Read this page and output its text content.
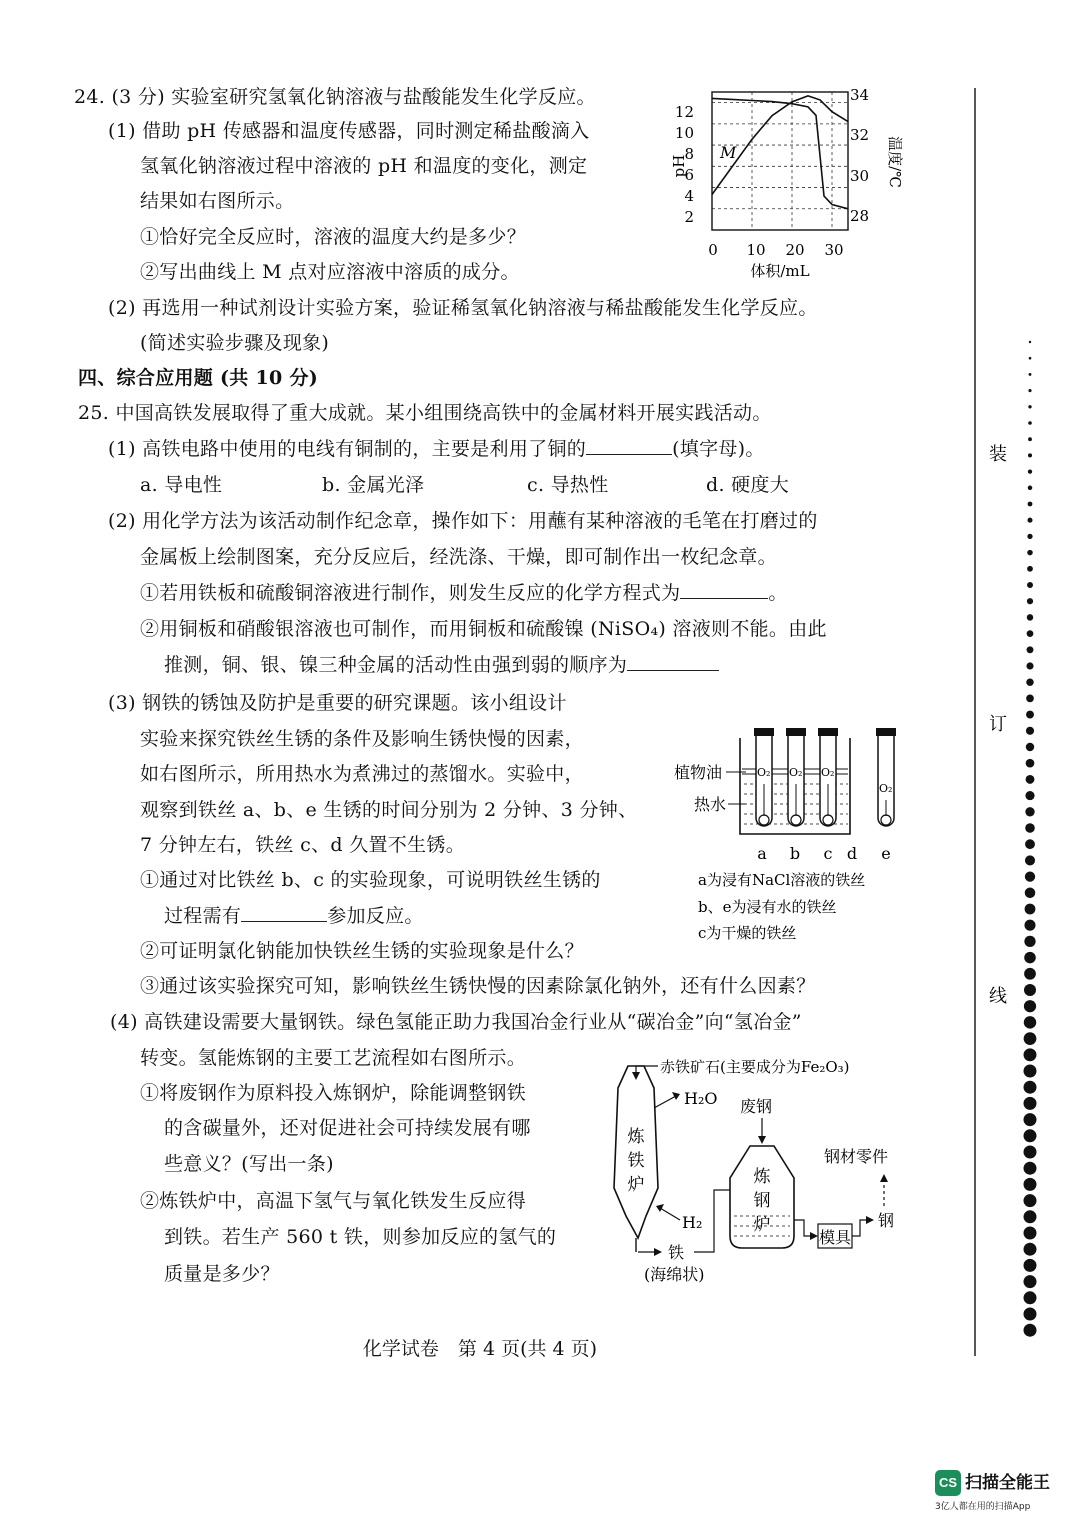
24. (3 分) 实验室研究氢氧化钠溶液与盐酸能发生化学反应。
(1) 借助 pH 传感器和温度传感器，同时测定稀盐酸滴入
氢氧化钠溶液过程中溶液的 pH 和温度的变化，测定
结果如右图所示。
①恰好完全反应时，溶液的温度大约是多少？
②写出曲线上 M 点对应溶液中溶质的成分。
(2) 再选用一种试剂设计实验方案，验证稀氢氧化钠溶液与稀盐酸能发生化学反应。
(简述实验步骤及现象)
M
12
10
8
6
4
2
34
32
30
28
0 10 20 30
体积/mL
pH	温度/℃
四、综合应用题 (共 10 分)
25. 中国高铁发展取得了重大成就。某小组围绕高铁中的金属材料开展实践活动。
(1) 高铁电路中使用的电线有铜制的，主要是利用了铜的	(填字母)。
a. 导电性	b. 金属光泽	c. 导热性	d. 硬度大
(2) 用化学方法为该活动制作纪念章，操作如下：用蘸有某种溶液的毛笔在打磨过的
金属板上绘制图案，充分反应后，经洗涤、干燥，即可制作出一枚纪念章。
①若用铁板和硫酸铜溶液进行制作，则发生反应的化学方程式为	。
②用铜板和硝酸银溶液也可制作，而用铜板和硫酸镍 (NiSO₄) 溶液则不能。由此
推测，铜、银、镍三种金属的活动性由强到弱的顺序为
(3) 钢铁的锈蚀及防护是重要的研究课题。该小组设计
实验来探究铁丝生锈的条件及影响生锈快慢的因素，
如右图所示，所用热水为煮沸过的蒸馏水。实验中，
观察到铁丝 a、b、e 生锈的时间分别为 2 分钟、3 分钟、
7 分钟左右，铁丝 c、d 久置不生锈。
①通过对比铁丝 b、c 的实验现象，可说明铁丝生锈的
过程需有	参加反应。
②可证明氯化钠能加快铁丝生锈的实验现象是什么？
③通过该实验探究可知，影响铁丝生锈快慢的因素除氯化钠外，还有什么因素？
(4) 高铁建设需要大量钢铁。绿色氢能正助力我国冶金行业从“碳冶金”向“氢冶金”
转变。氢能炼钢的主要工艺流程如右图所示。
①将废钢作为原料投入炼钢炉，除能调整钢铁
的含碳量外，还对促进社会可持续发展有哪
些意义？(写出一条)
②炼铁炉中，高温下氢气与氧化铁发生反应得
到铁。若生产 560 t 铁，则参加反应的氢气的
质量是多少？
O₂ O₂ O₂
O₂
植物油
热水
a b c d e
a为浸有NaCl溶液的铁丝
b、e为浸有水的铁丝
c为干燥的铁丝
炼
铁
炉
赤铁矿石(主要成分为Fe₂O₃)
H₂O
H₂
铁
(海绵状)
废钢
炼
钢
炉
模具
钢
钢材零件
化学试卷　第 4 页(共 4 页)
装
订
线
CS 扫描全能王
3亿人都在用的扫描App
